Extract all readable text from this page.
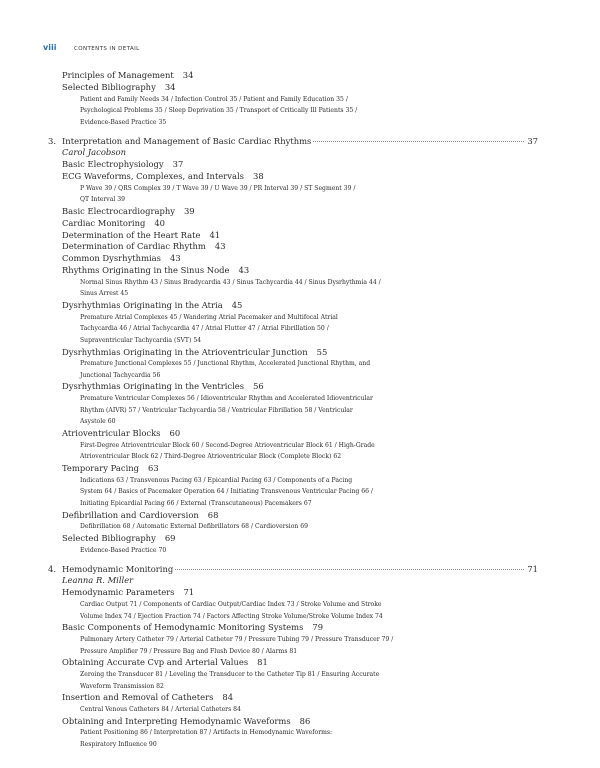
viii	CONTENTS IN DETAIL
Principles of Management 34
Selected Bibliography 34
Patient and Family Needs 34 / Infection Control 35 / Patient and Family Education 35 /
Psychological Problems 35 / Sleep Deprivation 35 / Transport of Critically Ill Patients 35 /
Evidence-Based Practice 35
3. Interpretation and Management of Basic Cardiac Rhythms	37
Carol Jacobson
Basic Electrophysiology 37
ECG Waveforms, Complexes, and Intervals 38
P Wave 39 / QRS Complex 39 / T Wave 39 / U Wave 39 / PR Interval 39 / ST Segment 39 /
QT Interval 39
Basic Electrocardiography 39
Cardiac Monitoring 40
Determination of the Heart Rate 41
Determination of Cardiac Rhythm 43
Common Dysrhythmias 43
Rhythms Originating in the Sinus Node 43
Normal Sinus Rhythm 43 / Sinus Bradycardia 43 / Sinus Tachycardia 44 / Sinus Dysrhythmia 44 /
Sinus Arrest 45
Dysrhythmias Originating in the Atria 45
Premature Atrial Complexes 45 / Wandering Atrial Pacemaker and Multifocal Atrial
Tachycardia 46 / Atrial Tachycardia 47 / Atrial Flutter 47 / Atrial Fibrillation 50 /
Supraventricular Tachycardia (SVT) 54
Dysrhythmias Originating in the Atrioventricular Junction 55
Premature Junctional Complexes 55 / Junctional Rhythm, Accelerated Junctional Rhythm, and
Junctional Tachycardia 56
Dysrhythmias Originating in the Ventricles 56
Premature Ventricular Complexes 56 / Idioventricular Rhythm and Accelerated Idioventricular
Rhythm (AIVR) 57 / Ventricular Tachycardia 58 / Ventricular Fibrillation 58 / Ventricular
Asystole 60
Atrioventricular Blocks 60
First-Degree Atrioventricular Block 60 / Second-Degree Atrioventricular Block 61 / High-Grade
Atrioventricular Block 62 / Third-Degree Atrioventricular Block (Complete Block) 62
Temporary Pacing 63
Indications 63 / Transvenous Pacing 63 / Epicardial Pacing 63 / Components of a Pacing
System 64 / Basics of Pacemaker Operation 64 / Initiating Transvenous Ventricular Pacing 66 /
Initiating Epicardial Pacing 66 / External (Transcutaneous) Pacemakers 67
Defibrillation and Cardioversion 68
Defibrillation 68 / Automatic External Defibrillators 68 / Cardioversion 69
Selected Bibliography 69
Evidence-Based Practice 70
4. Hemodynamic Monitoring	71
Leanna R. Miller
Hemodynamic Parameters 71
Cardiac Output 71 / Components of Cardiac Output/Cardiac Index 73 / Stroke Volume and Stroke
Volume Index 74 / Ejection Fraction 74 / Factors Affecting Stroke Volume/Stroke Volume Index 74
Basic Components of Hemodynamic Monitoring Systems 79
Pulmonary Artery Catheter 79 / Arterial Catheter 79 / Pressure Tubing 79 / Pressure Transducer 79 /
Pressure Amplifier 79 / Pressure Bag and Flush Device 80 / Alarms 81
Obtaining Accurate Cvp and Arterial Values 81
Zeroing the Transducer 81 / Leveling the Transducer to the Catheter Tip 81 / Ensuring Accurate
Waveform Transmission 82
Insertion and Removal of Catheters 84
Central Venous Catheters 84 / Arterial Catheters 84
Obtaining and Interpreting Hemodynamic Waveforms 86
Patient Positioning 86 / Interpretation 87 / Artifacts in Hemodynamic Waveforms:
Respiratory Influence 90
